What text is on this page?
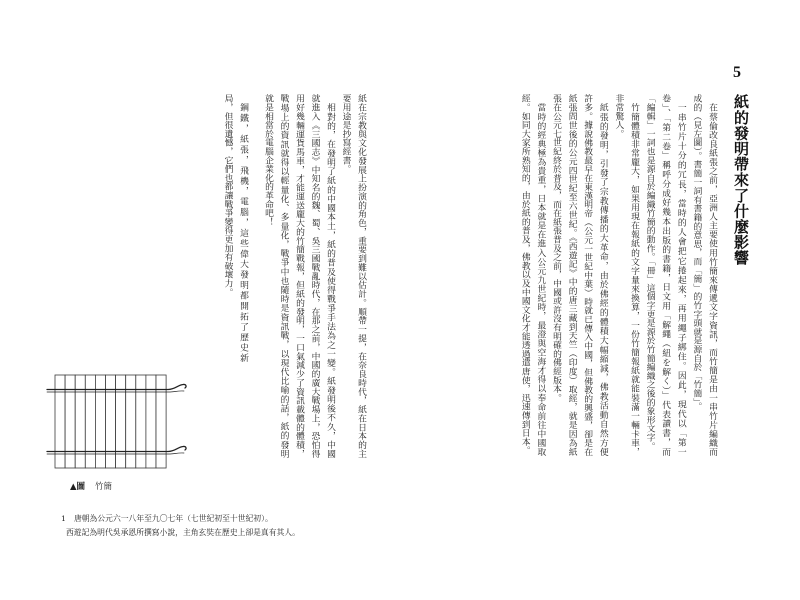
5
紙的發明帶來了什麼影響
在蔡倫改良紙張之前，亞洲人主要使用竹簡來傳遞文字資訊，而竹簡是由一串竹片編織而
成的（見左圖）。書簡一詞有書籍的意思，而「簡」的竹字頭就是源自於「竹簡」。
一串竹片十分的冗長，當時的人會把它捲起來，再用繩子綁住。因此，現代以「第一
卷」、「第二卷」稱呼分成好幾本出版的書籍，日文用「解繩（紐を解く）」代表讀書，而
「編輯」一詞也是源自於編織竹簡的動作。「冊」這個字更是源於竹簡編織之後的象形文字。
竹簡體積非常龐大，如果用現在報紙的文字量來換算，一份竹簡報紙就能裝滿一輛卡車，
非常驚人。
紙張的發明，引發了宗教傳播的大革命，由於佛經的體積大幅縮減，佛教活動自然方便
許多。據說佛教最早在東漢明帝（公元一世紀中葉）時就已傳入中國，但佛教的興盛，卻是在
紙張問世後的公元四世紀至六世紀。《西遊記》中的唐三藏到天竺（印度）取經，就是因為紙
張在公元七世紀終於普及，而在紙張普及之前，中國或許沒有明確的佛經版本。
當時的經典極為貴重，日本就是在進入公元九世紀時，最澄與空海才得以奉命前往中國取
經。如同大家所熟知的，由於紙的普及，佛教以及中國文化才能透過遣唐使，迅速傳到日本。
紙在宗教與文化發展上扮演的角色，重要到難以估計。順帶一提，在奈良時代，紙在日本的主
要用途是抄寫經書。
相對的，在發明了紙的中國本土，紙的普及使得戰爭手法為之一變。紙發明後不久，中國
就進入《三國志》中知名的魏、蜀、吳三國戰亂時代，在那之前，中國的廣大戰場上，恐怕得
用好幾輛運貨馬車，才能運送龐大的竹簡戰報，但紙的發明，一口氣減少了資訊載體的體積，
戰場上的資訊就得以輕量化、多量化，戰爭中也隨時是資訊戰，以現代比喻的話，紙的發明
就是相當於電腦企業化的革命吧！
鋼鐵，紙張，飛機，電腦，這些偉大發明都開拓了歷史新
局，但很遺憾，它們也都讓戰爭變得更加有破壞力。
▲圖 竹簡
1 唐朝為公元六一八年至九〇七年（七世紀初至十世紀初）。
西遊記為明代吳承恩所撰寫小說，主角玄奘在歷史上卻是真有其人。
